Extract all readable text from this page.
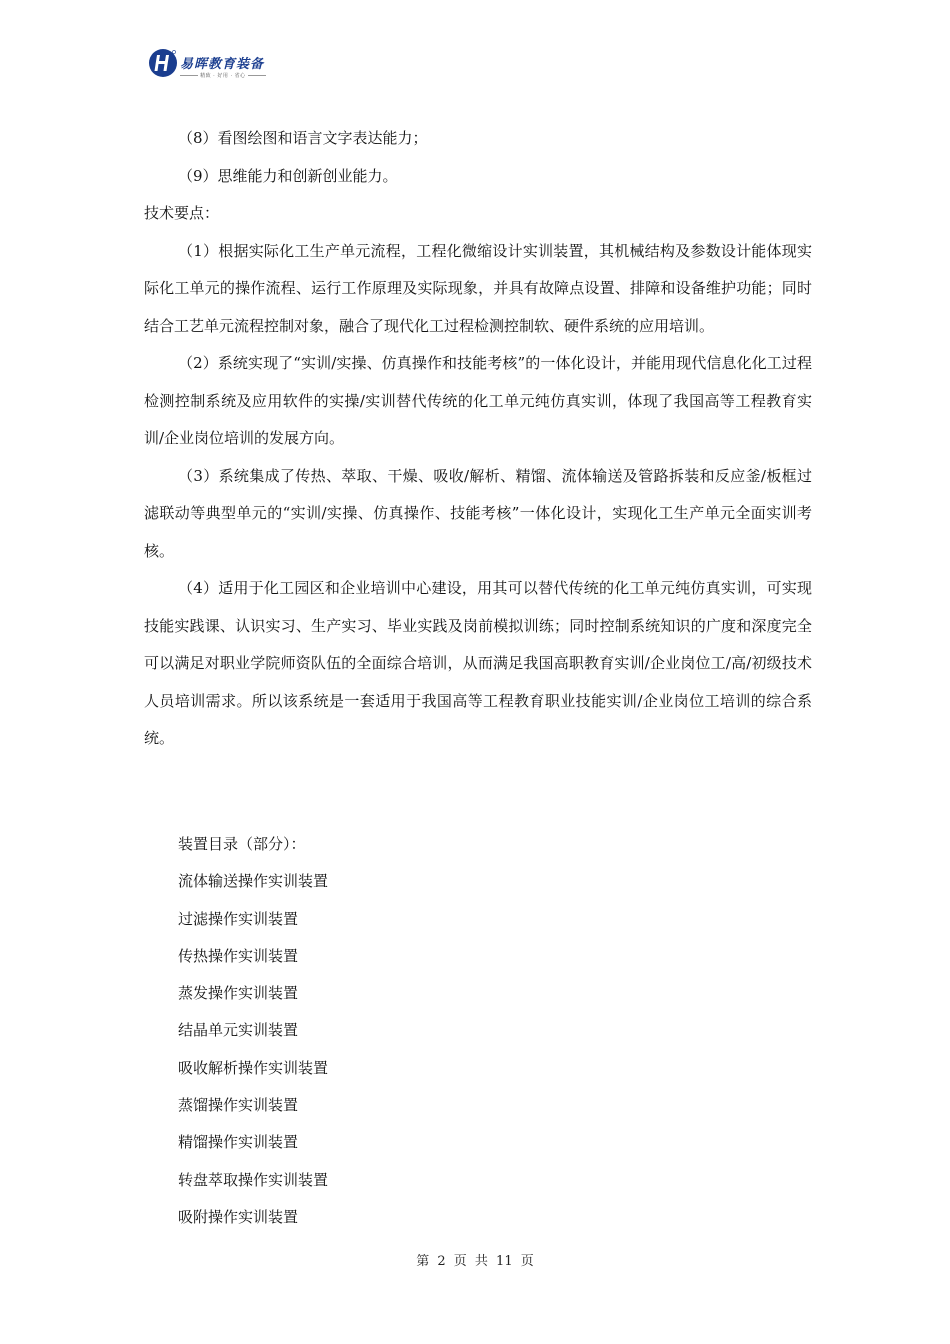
易晖教育装备
精致 · 好用 · 省心

（8）看图绘图和语言文字表达能力；

（9）思维能力和创新创业能力。

技术要点：

（1）根据实际化工生产单元流程，工程化微缩设计实训装置，其机械结构及参数设计能体现实际化工单元的操作流程、运行工作原理及实际现象，并具有故障点设置、排障和设备维护功能；同时结合工艺单元流程控制对象，融合了现代化工过程检测控制软、硬件系统的应用培训。

（2）系统实现了“实训/实操、仿真操作和技能考核”的一体化设计，并能用现代信息化化工过程检测控制系统及应用软件的实操/实训替代传统的化工单元纯仿真实训，体现了我国高等工程教育实训/企业岗位培训的发展方向。

（3）系统集成了传热、萃取、干燥、吸收/解析、精馏、流体输送及管路拆装和反应釜/板框过滤联动等典型单元的“实训/实操、仿真操作、技能考核”一体化设计，实现化工生产单元全面实训考核。

（4）适用于化工园区和企业培训中心建设，用其可以替代传统的化工单元纯仿真实训，可实现技能实践课、认识实习、生产实习、毕业实践及岗前模拟训练；同时控制系统知识的广度和深度完全可以满足对职业学院师资队伍的全面综合培训，从而满足我国高职教育实训/企业岗位工/高/初级技术人员培训需求。所以该系统是一套适用于我国高等工程教育职业技能实训/企业岗位工培训的综合系统。

装置目录（部分）：

流体输送操作实训装置

过滤操作实训装置

传热操作实训装置

蒸发操作实训装置

结晶单元实训装置

吸收解析操作实训装置

蒸馏操作实训装置

精馏操作实训装置

转盘萃取操作实训装置

吸附操作实训装置

第 2 页 共 11 页
